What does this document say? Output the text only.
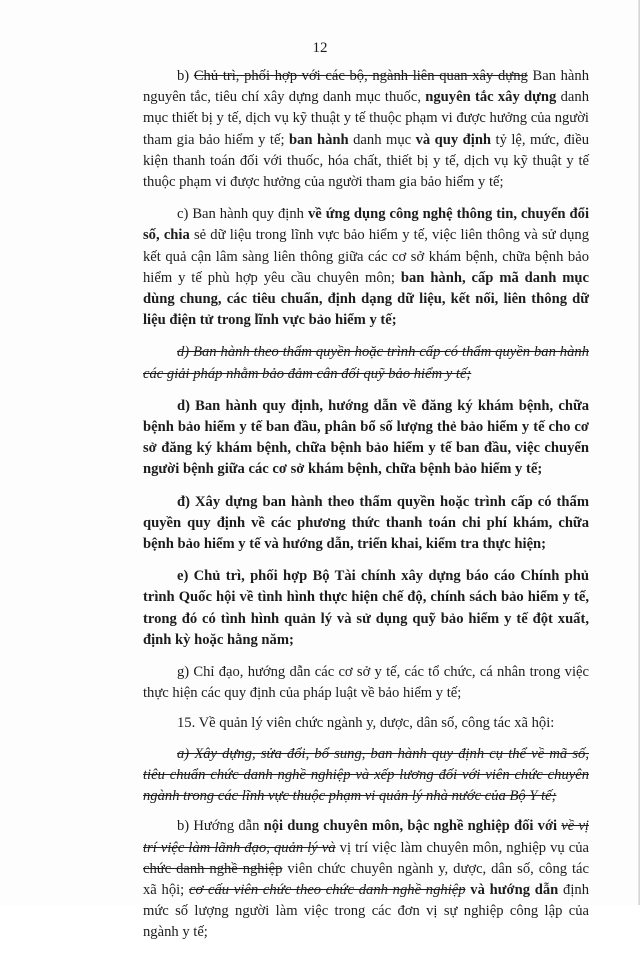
12

b) Chủ trì, phối hợp với các bộ, ngành liên quan xây dựng Ban hành nguyên tắc, tiêu chí xây dựng danh mục thuốc, nguyên tắc xây dựng danh mục thiết bị y tế, dịch vụ kỹ thuật y tế thuộc phạm vi được hưởng của người tham gia bảo hiểm y tế; ban hành danh mục và quy định tỷ lệ, mức, điều kiện thanh toán đối với thuốc, hóa chất, thiết bị y tế, dịch vụ kỹ thuật y tế thuộc phạm vi được hưởng của người tham gia bảo hiểm y tế;

c) Ban hành quy định về ứng dụng công nghệ thông tin, chuyển đổi số, chia sẻ dữ liệu trong lĩnh vực bảo hiểm y tế, việc liên thông và sử dụng kết quả cận lâm sàng liên thông giữa các cơ sở khám bệnh, chữa bệnh bảo hiểm y tế phù hợp yêu cầu chuyên môn; ban hành, cấp mã danh mục dùng chung, các tiêu chuẩn, định dạng dữ liệu, kết nối, liên thông dữ liệu điện tử trong lĩnh vực bảo hiểm y tế;

d) Ban hành theo thẩm quyền hoặc trình cấp có thẩm quyền ban hành các giải pháp nhằm bảo đảm cân đối quỹ bảo hiểm y tế;

d) Ban hành quy định, hướng dẫn về đăng ký khám bệnh, chữa bệnh bảo hiểm y tế ban đầu, phân bổ số lượng thẻ bảo hiểm y tế cho cơ sở đăng ký khám bệnh, chữa bệnh bảo hiểm y tế ban đầu, việc chuyển người bệnh giữa các cơ sở khám bệnh, chữa bệnh bảo hiểm y tế;

đ) Xây dựng ban hành theo thẩm quyền hoặc trình cấp có thẩm quyền quy định về các phương thức thanh toán chi phí khám, chữa bệnh bảo hiểm y tế và hướng dẫn, triển khai, kiểm tra thực hiện;

e) Chủ trì, phối hợp Bộ Tài chính xây dựng báo cáo Chính phủ trình Quốc hội về tình hình thực hiện chế độ, chính sách bảo hiểm y tế, trong đó có tình hình quản lý và sử dụng quỹ bảo hiểm y tế đột xuất, định kỳ hoặc hằng năm;

g) Chỉ đạo, hướng dẫn các cơ sở y tế, các tổ chức, cá nhân trong việc thực hiện các quy định của pháp luật về bảo hiểm y tế;

15. Về quản lý viên chức ngành y, dược, dân số, công tác xã hội:

a) Xây dựng, sửa đổi, bổ sung, ban hành quy định cụ thể về mã số, tiêu chuẩn chức danh nghề nghiệp và xếp lương đối với viên chức chuyên ngành trong các lĩnh vực thuộc phạm vi quản lý nhà nước của Bộ Y tế;

b) Hướng dẫn nội dung chuyên môn, bậc nghề nghiệp đối với về vị trí việc làm lãnh đạo, quản lý và vị trí việc làm chuyên môn, nghiệp vụ của chức danh nghề nghiệp viên chức chuyên ngành y, dược, dân số, công tác xã hội; cơ cấu viên chức theo chức danh nghề nghiệp và hướng dẫn định mức số lượng người làm việc trong các đơn vị sự nghiệp công lập của ngành y tế;
